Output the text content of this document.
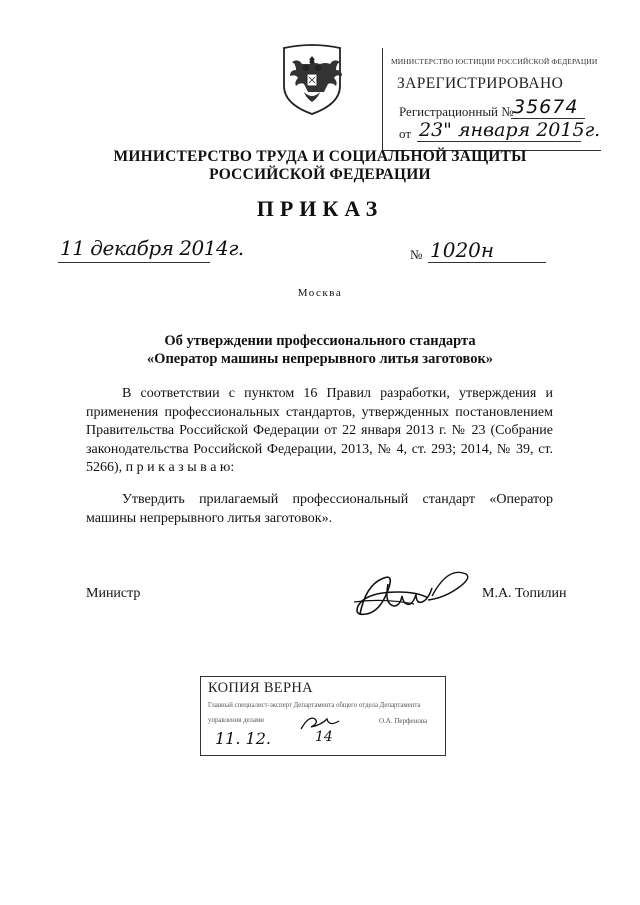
МИНИСТЕРСТВО ЮСТИЦИИ РОССИЙСКОЙ ФЕДЕРАЦИИ
ЗАРЕГИСТРИРОВАНО
Регистрационный № 35674
от 23" января 2015г.
МИНИСТЕРСТВО ТРУДА И СОЦИАЛЬНОЙ ЗАЩИТЫ
РОССИЙСКОЙ ФЕДЕРАЦИИ
ПРИКАЗ
11 декабря 2014г.	№ 1020н
Москва
Об утверждении профессионального стандарта
«Оператор машины непрерывного литья заготовок»
В соответствии с пунктом 16 Правил разработки, утверждения и применения профессиональных стандартов, утвержденных постановлением Правительства Российской Федерации от 22 января 2013 г. № 23 (Собрание законодательства Российской Федерации, 2013, № 4, ст. 293; 2014, № 39, ст. 5266), п р и к а з ы в а ю:
Утвердить прилагаемый профессиональный стандарт «Оператор машины непрерывного литья заготовок».
Министр	М.А. Топилин
КОПИЯ ВЕРНА
Главный специалист-эксперт Департамента общего отдела Департамента
управления делами	О.А. Перфенова
11. 12.	14
